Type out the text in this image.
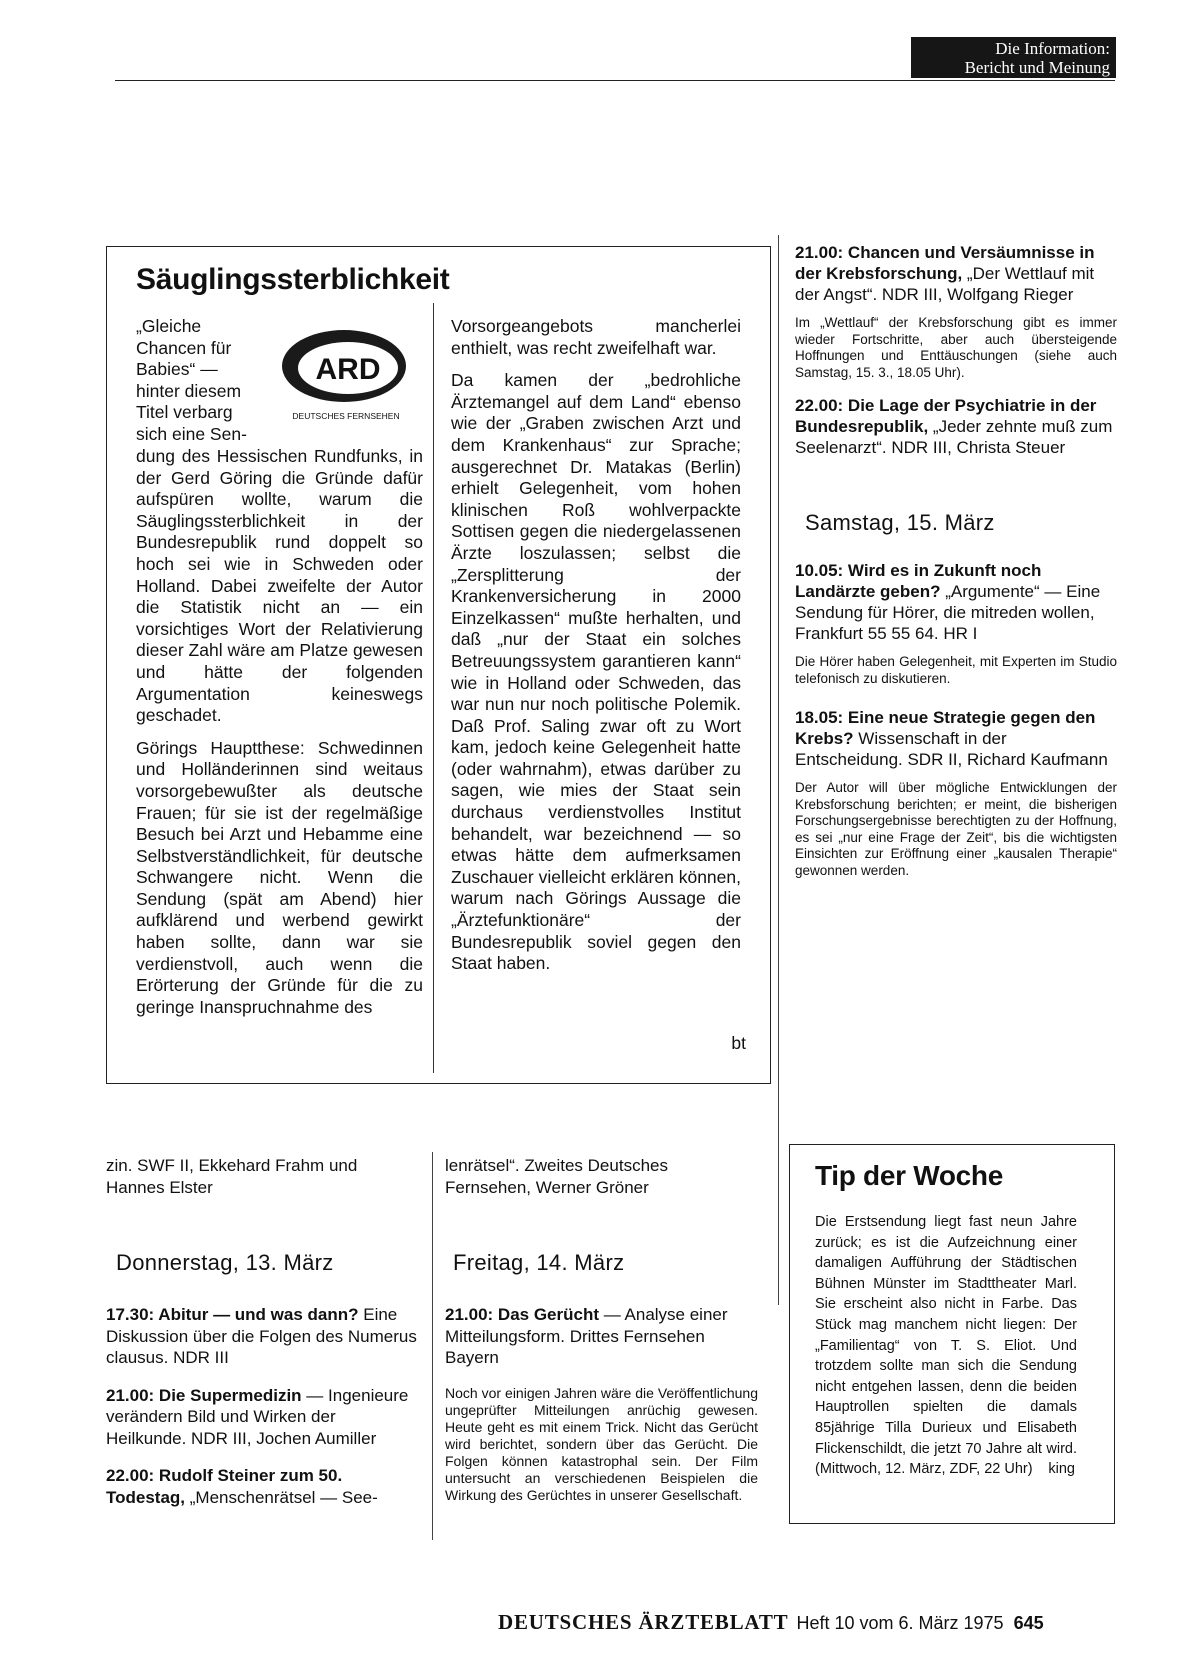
Die Information:
Bericht und Meinung
Säuglingssterblichkeit
ARD
DEUTSCHES FERNSEHEN
„Gleiche
Chancen für
Babies“ —
hinter diesem
Titel verbarg
sich eine Sen-

dung des Hessischen Rundfunks, in der Gerd Göring die Gründe dafür aufspüren wollte, warum die Säuglingssterblichkeit in der Bundesrepublik rund doppelt so hoch sei wie in Schweden oder Holland. Dabei zweifelte der Autor die Statistik nicht an — ein vorsichtiges Wort der Relativierung dieser Zahl wäre am Platze gewesen und hätte der folgenden Argumentation keineswegs geschadet.

Görings Hauptthese: Schwedinnen und Holländerinnen sind weitaus vorsorgebewußter als deutsche Frauen; für sie ist der regelmäßige Besuch bei Arzt und Hebamme eine Selbstverständlichkeit, für deutsche Schwangere nicht. Wenn die Sendung (spät am Abend) hier aufklärend und werbend gewirkt haben sollte, dann war sie verdienstvoll, auch wenn die Erörterung der Gründe für die zu geringe Inanspruchnahme des

Vorsorgeangebots mancherlei enthielt, was recht zweifelhaft war.

Da kamen der „bedrohliche Ärztemangel auf dem Land“ ebenso wie der „Graben zwischen Arzt und dem Krankenhaus“ zur Sprache; ausgerechnet Dr. Matakas (Berlin) erhielt Gelegenheit, vom hohen klinischen Roß wohlverpackte Sottisen gegen die niedergelassenen Ärzte loszulassen; selbst die „Zersplitterung der Krankenversicherung in 2000 Einzelkassen“ mußte herhalten, und daß „nur der Staat ein solches Betreuungssystem garantieren kann“ wie in Holland oder Schweden, das war nun nur noch politische Polemik. Daß Prof. Saling zwar oft zu Wort kam, jedoch keine Gelegenheit hatte (oder wahrnahm), etwas darüber zu sagen, wie mies der Staat sein durchaus verdienstvolles Institut behandelt, war bezeichnend — so etwas hätte dem aufmerksamen Zuschauer vielleicht erklären können, warum nach Görings Aussage die „Ärztefunktionäre“ der Bundesrepublik soviel gegen den Staat haben.

bt
21.00: Chancen und Versäumnisse in der Krebsforschung, „Der Wettlauf mit der Angst“. NDR III, Wolfgang Rieger
Im „Wettlauf“ der Krebsforschung gibt es immer wieder Fortschritte, aber auch übersteigende Hoffnungen und Enttäuschungen (siehe auch Samstag, 15. 3., 18.05 Uhr).
22.00: Die Lage der Psychiatrie in der Bundesrepublik, „Jeder zehnte muß zum Seelenarzt“. NDR III, Christa Steuer
Samstag, 15. März
10.05: Wird es in Zukunft noch Landärzte geben? „Argumente“ — Eine Sendung für Hörer, die mitreden wollen, Frankfurt 55 55 64. HR I
Die Hörer haben Gelegenheit, mit Experten im Studio telefonisch zu diskutieren.
18.05: Eine neue Strategie gegen den Krebs? Wissenschaft in der Entscheidung. SDR II, Richard Kaufmann
Der Autor will über mögliche Entwicklungen der Krebsforschung berichten; er meint, die bisherigen Forschungsergebnisse berechtigten zu der Hoffnung, es sei „nur eine Frage der Zeit“, bis die wichtigsten Einsichten zur Eröffnung einer „kausalen Therapie“ gewonnen werden.
zin. SWF II, Ekkehard Frahm und Hannes Elster
Donnerstag, 13. März
17.30: Abitur — und was dann? Eine Diskussion über die Folgen des Numerus clausus. NDR III
21.00: Die Supermedizin — Ingenieure verändern Bild und Wirken der Heilkunde. NDR III, Jochen Aumiller
22.00: Rudolf Steiner zum 50. Todestag, „Menschenrätsel — See-
lenrätsel“. Zweites Deutsches Fernsehen, Werner Gröner
Freitag, 14. März
21.00: Das Gerücht — Analyse einer Mitteilungsform. Drittes Fernsehen Bayern
Noch vor einigen Jahren wäre die Veröffentlichung ungeprüfter Mitteilungen anrüchig gewesen. Heute geht es mit einem Trick. Nicht das Gerücht wird berichtet, sondern über das Gerücht. Die Folgen können katastrophal sein. Der Film untersucht an verschiedenen Beispielen die Wirkung des Gerüchtes in unserer Gesellschaft.
Tip der Woche
Die Erstsendung liegt fast neun Jahre zurück; es ist die Aufzeichnung einer damaligen Aufführung der Städtischen Bühnen Münster im Stadttheater Marl. Sie erscheint also nicht in Farbe. Das Stück mag manchem nicht liegen: Der „Familientag“ von T. S. Eliot. Und trotzdem sollte man sich die Sendung nicht entgehen lassen, denn die beiden Hauptrollen spielten die damals 85jährige Tilla Durieux und Elisabeth Flickenschildt, die jetzt 70 Jahre alt wird. (Mittwoch, 12. März, ZDF, 22 Uhr) king
DEUTSCHES ÄRZTEBLATT Heft 10 vom 6. März 1975 645
